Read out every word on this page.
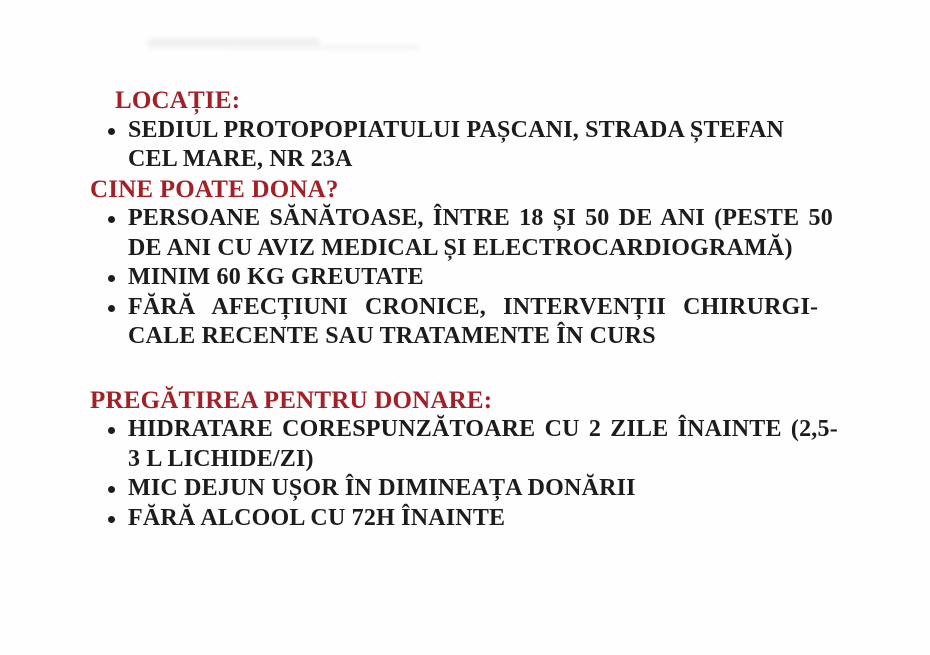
LOCAȚIE:
SEDIUL PROTOPOPIATULUI PAȘCANI, STRADA ȘTEFAN
CEL MARE, NR 23A
CINE POATE DONA?
PERSOANE SĂNĂTOASE, ÎNTRE 18 ȘI 50 DE ANI (PESTE 50
DE ANI CU AVIZ MEDICAL ȘI ELECTROCARDIOGRAMĂ)
MINIM 60 KG GREUTATE
FĂRĂ AFECȚIUNI CRONICE, INTERVENȚII CHIRURGI-
CALE RECENTE SAU TRATAMENTE ÎN CURS
PREGĂTIREA PENTRU DONARE:
HIDRATARE CORESPUNZĂTOARE CU 2 ZILE ÎNAINTE (2,5-
3 L LICHIDE/ZI)
MIC DEJUN UȘOR ÎN DIMINEAȚA DONĂRII
FĂRĂ ALCOOL CU 72H ÎNAINTE
